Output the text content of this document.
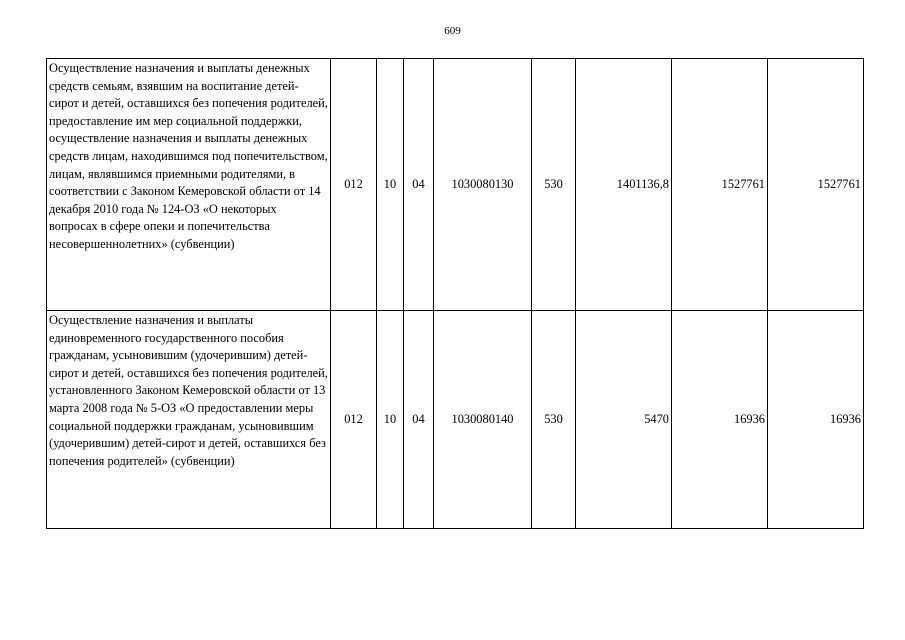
609
Осуществление назначения и выплаты денежных средств семьям, взявшим на воспитание детей-сирот и детей, оставшихся без попечения родителей, предоставление им мер социальной поддержки, осуществление назначения и выплаты денежных средств лицам, находившимся под попечительством, лицам, являвшимся приемными родителями, в соответствии с Законом Кемеровской области от 14 декабря 2010 года № 124-ОЗ «О некоторых вопросах в сфере опеки и попечительства несовершеннолетних» (субвенции)	012	10	04	1030080130	530	1401136,8	1527761	1527761
Осуществление назначения и выплаты единовременного государственного пособия гражданам, усыновившим (удочерившим) детей-сирот и детей, оставшихся без попечения родителей, установленного Законом Кемеровской области от 13 марта 2008 года № 5-ОЗ «О предоставлении меры социальной поддержки гражданам, усыновившим (удочерившим) детей-сирот и детей, оставшихся без попечения родителей» (субвенции)	012	10	04	1030080140	530	5470	16936	16936
